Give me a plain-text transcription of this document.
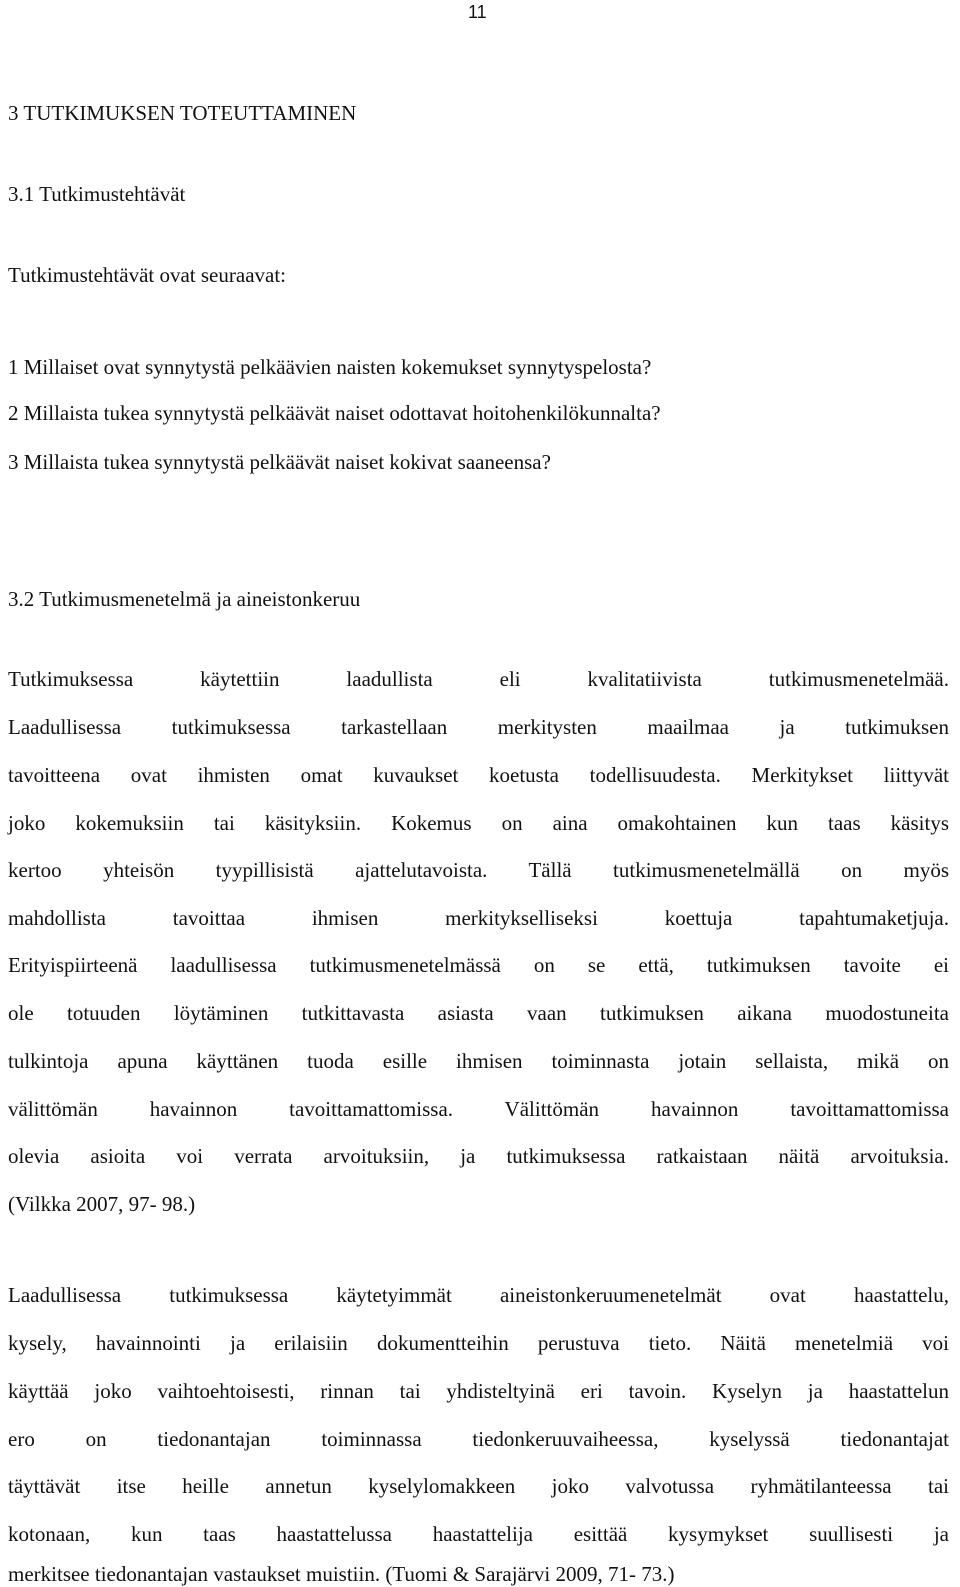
11
3 TUTKIMUKSEN TOTEUTTAMINEN
3.1 Tutkimustehtävät
Tutkimustehtävät ovat seuraavat:
1 Millaiset ovat synnytystä pelkäävien naisten kokemukset synnytyspelosta?
2 Millaista tukea synnytystä pelkäävät naiset odottavat hoitohenkilökunnalta?
3 Millaista tukea synnytystä pelkäävät naiset kokivat saaneensa?
3.2 Tutkimusmenetelmä ja aineistonkeruu
Tutkimuksessa käytettiin laadullista eli kvalitatiivista tutkimusmenetelmää.
Laadullisessa tutkimuksessa tarkastellaan merkitysten maailmaa ja tutkimuksen
tavoitteena ovat ihmisten omat kuvaukset koetusta todellisuudesta. Merkitykset liittyvät
joko kokemuksiin tai käsityksiin. Kokemus on aina omakohtainen kun taas käsitys
kertoo yhteisön tyypillisistä ajattelutavoista. Tällä tutkimusmenetelmällä on myös
mahdollista tavoittaa ihmisen merkitykselliseksi koettuja tapahtumaketjuja.
Erityispiirteenä laadullisessa tutkimusmenetelmässä on se että, tutkimuksen tavoite ei
ole totuuden löytäminen tutkittavasta asiasta vaan tutkimuksen aikana muodostuneita
tulkintoja apuna käyttänen tuoda esille ihmisen toiminnasta jotain sellaista, mikä on
välittömän havainnon tavoittamattomissa. Välittömän havainnon tavoittamattomissa
olevia asioita voi verrata arvoituksiin, ja tutkimuksessa ratkaistaan näitä arvoituksia.
(Vilkka 2007, 97- 98.)
Laadullisessa tutkimuksessa käytetyimmät aineistonkeruumenetelmät ovat haastattelu,
kysely, havainnointi ja erilaisiin dokumentteihin perustuva tieto. Näitä menetelmiä voi
käyttää joko vaihtoehtoisesti, rinnan tai yhdisteltyinä eri tavoin. Kyselyn ja haastattelun
ero on tiedonantajan toiminnassa tiedonkeruuvaiheessa, kyselyssä tiedonantajat
täyttävät itse heille annetun kyselylomakkeen joko valvotussa ryhmätilanteessa tai
kotonaan, kun taas haastattelussa haastattelija esittää kysymykset suullisesti ja
merkitsee tiedonantajan vastaukset muistiin. (Tuomi & Sarajärvi 2009, 71- 73.)
